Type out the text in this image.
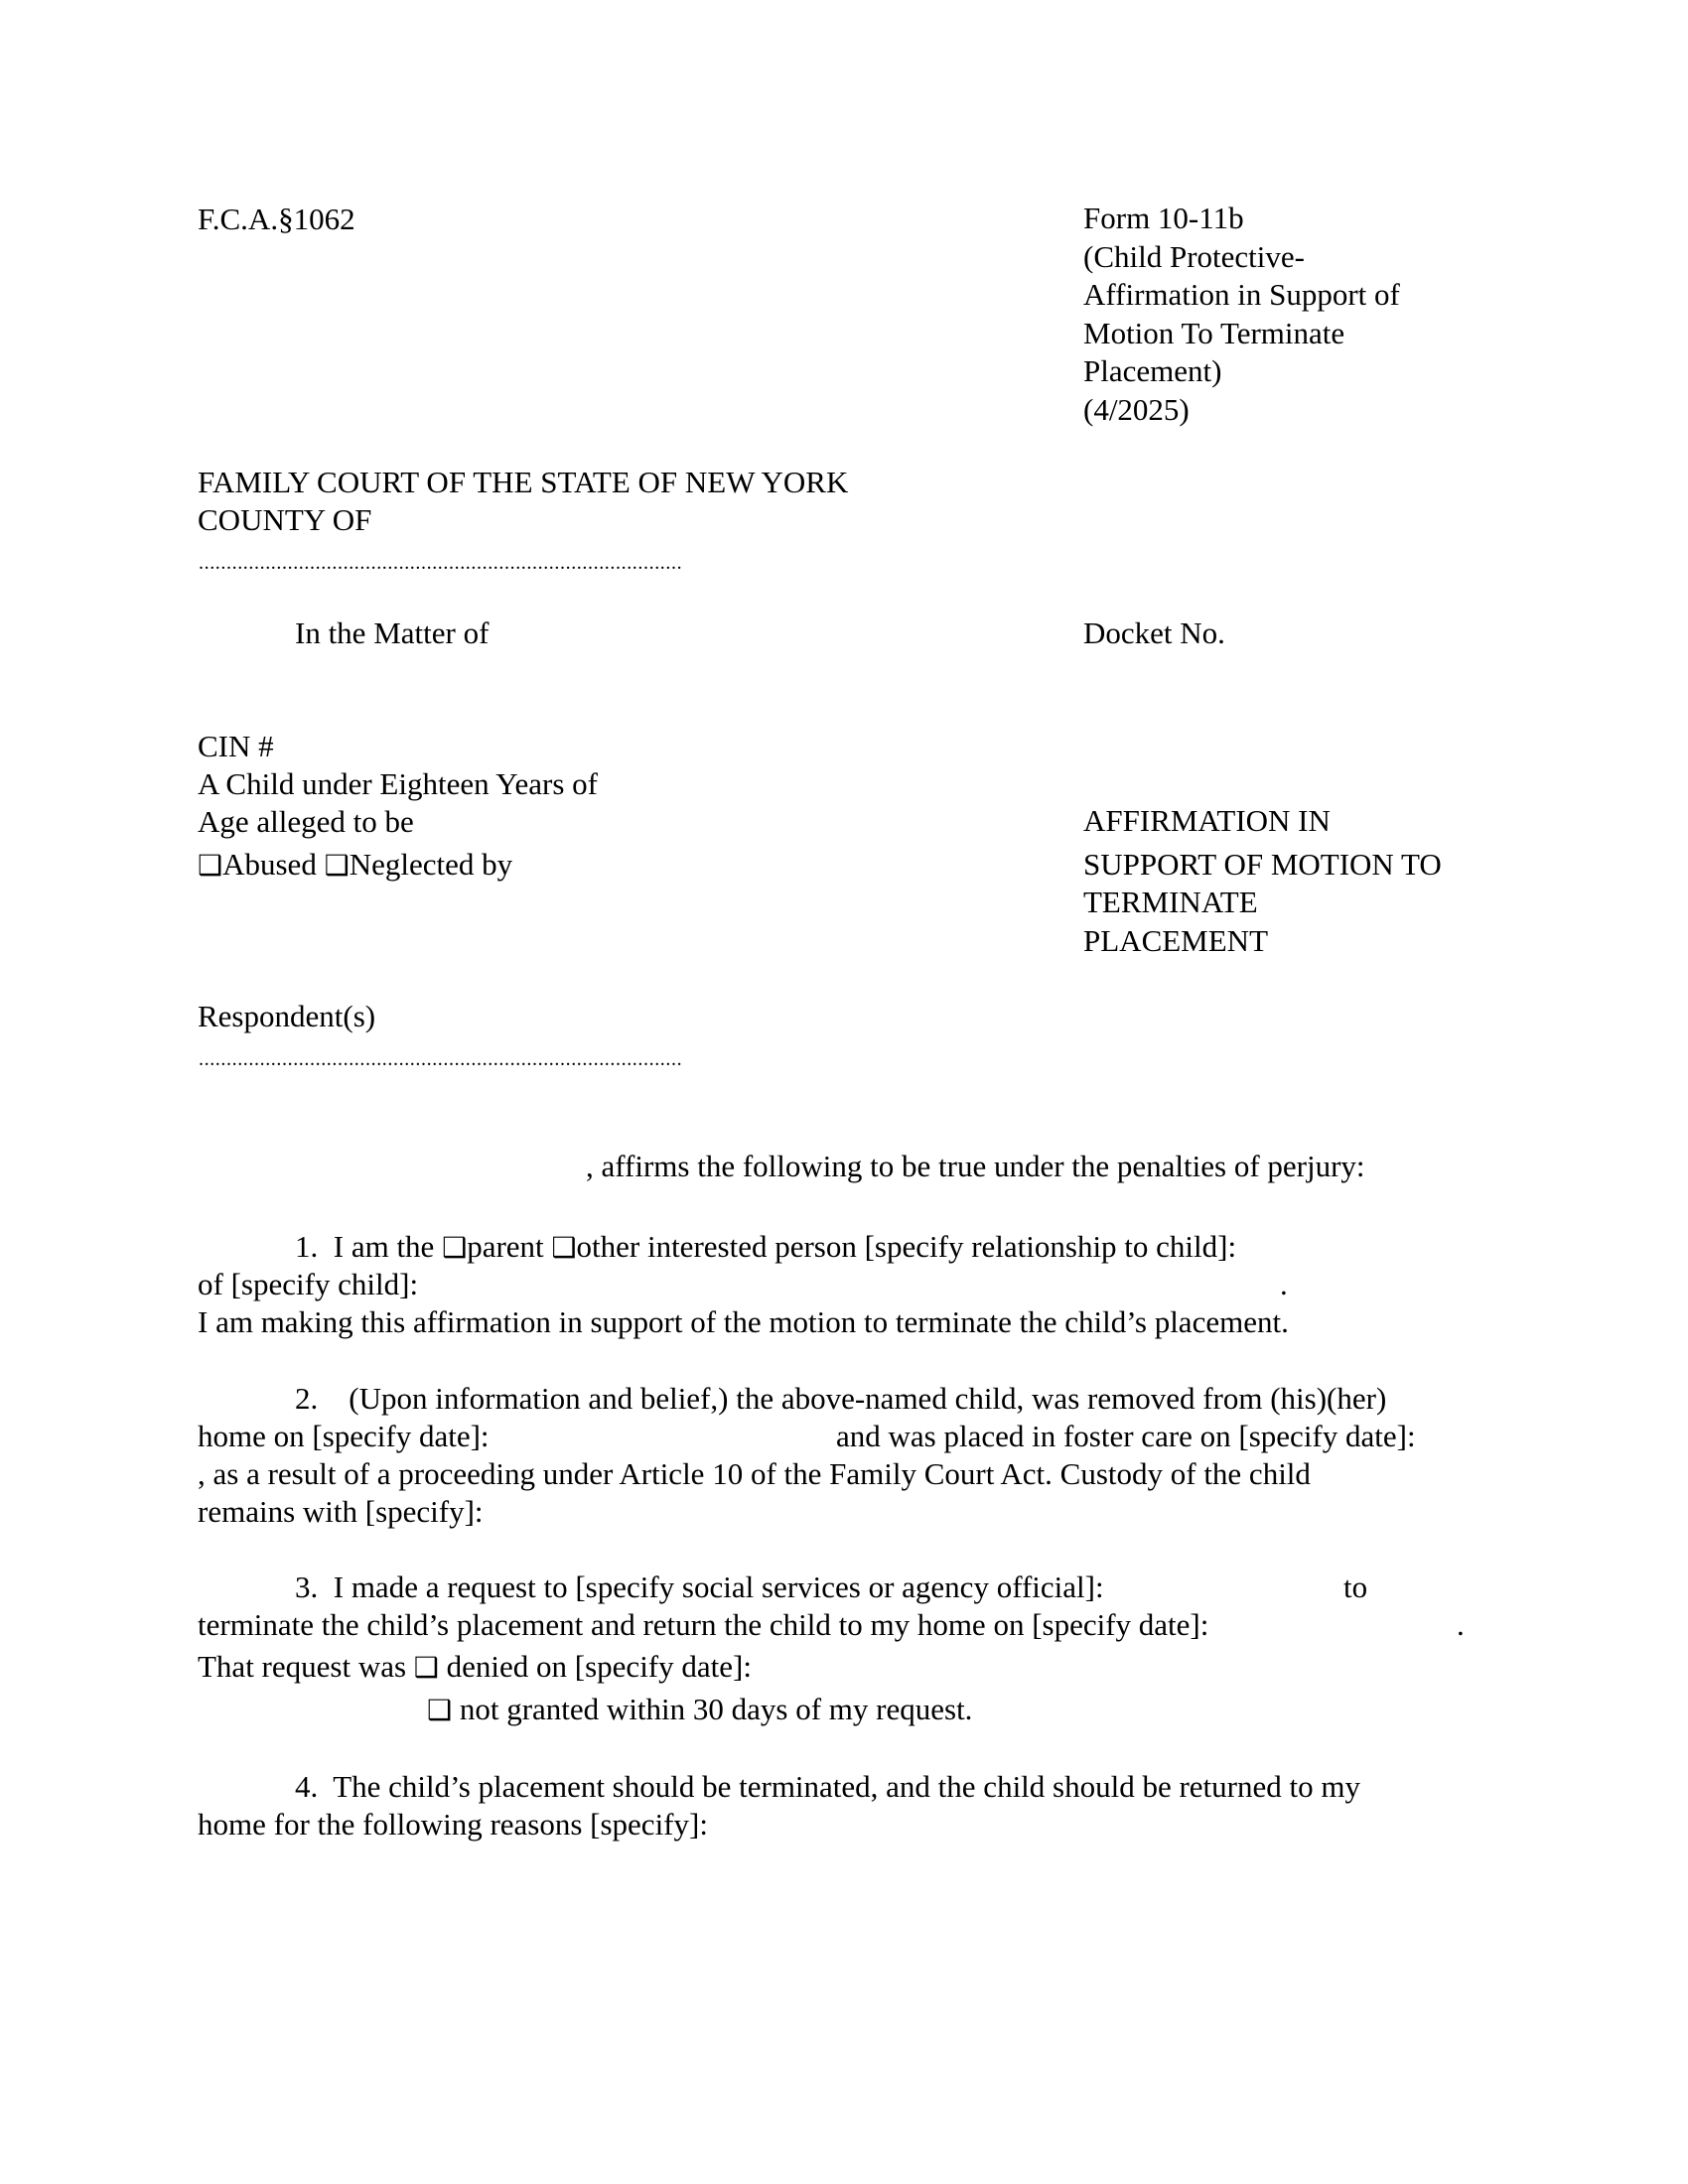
F.C.A.§1062	Form 10-11b
(Child Protective-
Affirmation in Support of
Motion To Terminate
Placement)
(4/2025)
FAMILY COURT OF THE STATE OF NEW YORK
COUNTY OF
.......................................................................................
In the Matter of	Docket No.
CIN #
A Child under Eighteen Years of
Age alleged to be
❑Abused ❑Neglected by
AFFIRMATION IN
SUPPORT OF MOTION TO
TERMINATE
PLACEMENT
Respondent(s)
.......................................................................................
, affirms the following to be true under the penalties of perjury:
1. I am the ❑parent ❑other interested person [specify relationship to child]:
of [specify child]:	.
I am making this affirmation in support of the motion to terminate the child’s placement.
2. (Upon information and belief,) the above-named child, was removed from (his)(her)
home on [specify date]:	and was placed in foster care on [specify date]:
, as a result of a proceeding under Article 10 of the Family Court Act. Custody of the child
remains with [specify]:
3. I made a request to [specify social services or agency official]:	to
terminate the child’s placement and return the child to my home on [specify date]:	.
That request was ❑ denied on [specify date]:
❑ not granted within 30 days of my request.
4. The child’s placement should be terminated, and the child should be returned to my
home for the following reasons [specify]:
